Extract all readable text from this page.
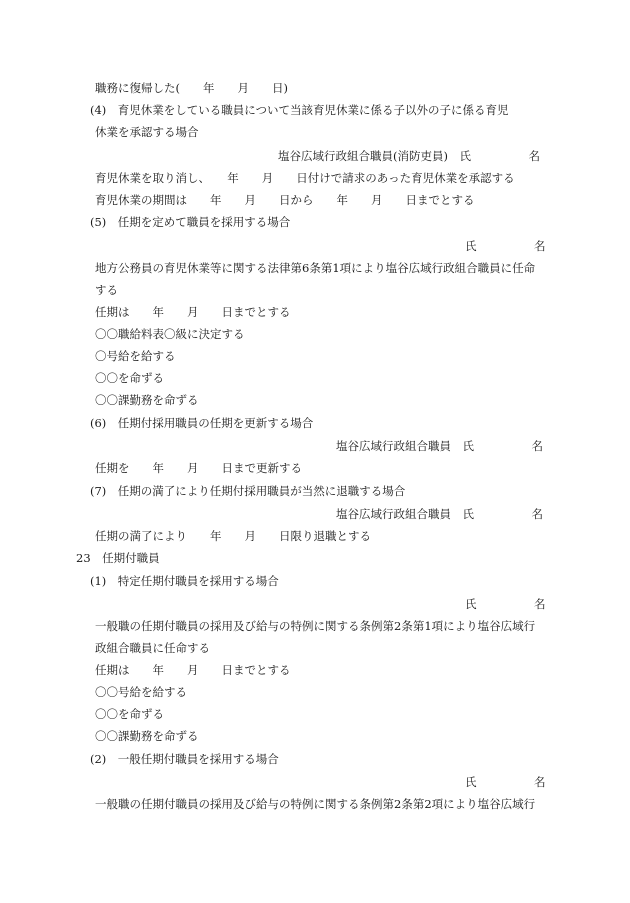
職務に復帰した(　　年　　月　　日)
(4)　育児休業をしている職員について当該育児休業に係る子以外の子に係る育児
休業を承認する場合
塩谷広域行政組合職員(消防吏員)　氏　　　　　名
育児休業を取り消し、　　年　　月　　日付けで請求のあった育児休業を承認する
育児休業の期間は　　年　　月　　日から　　年　　月　　日までとする
(5)　任期を定めて職員を採用する場合
氏　　　　　名
地方公務員の育児休業等に関する法律第6条第1項により塩谷広域行政組合職員に任命
する
任期は　　年　　月　　日までとする
〇〇職給料表〇級に決定する
〇号給を給する
〇〇を命ずる
〇〇課勤務を命ずる
(6)　任期付採用職員の任期を更新する場合
塩谷広域行政組合職員　氏　　　　　名
任期を　　年　　月　　日まで更新する
(7)　任期の満了により任期付採用職員が当然に退職する場合
塩谷広域行政組合職員　氏　　　　　名
任期の満了により　　年　　月　　日限り退職とする
23　任期付職員
(1)　特定任期付職員を採用する場合
氏　　　　　名
一般職の任期付職員の採用及び給与の特例に関する条例第2条第1項により塩谷広域行
政組合職員に任命する
任期は　　年　　月　　日までとする
〇〇号給を給する
〇〇を命ずる
〇〇課勤務を命ずる
(2)　一般任期付職員を採用する場合
氏　　　　　名
一般職の任期付職員の採用及び給与の特例に関する条例第2条第2項により塩谷広域行
